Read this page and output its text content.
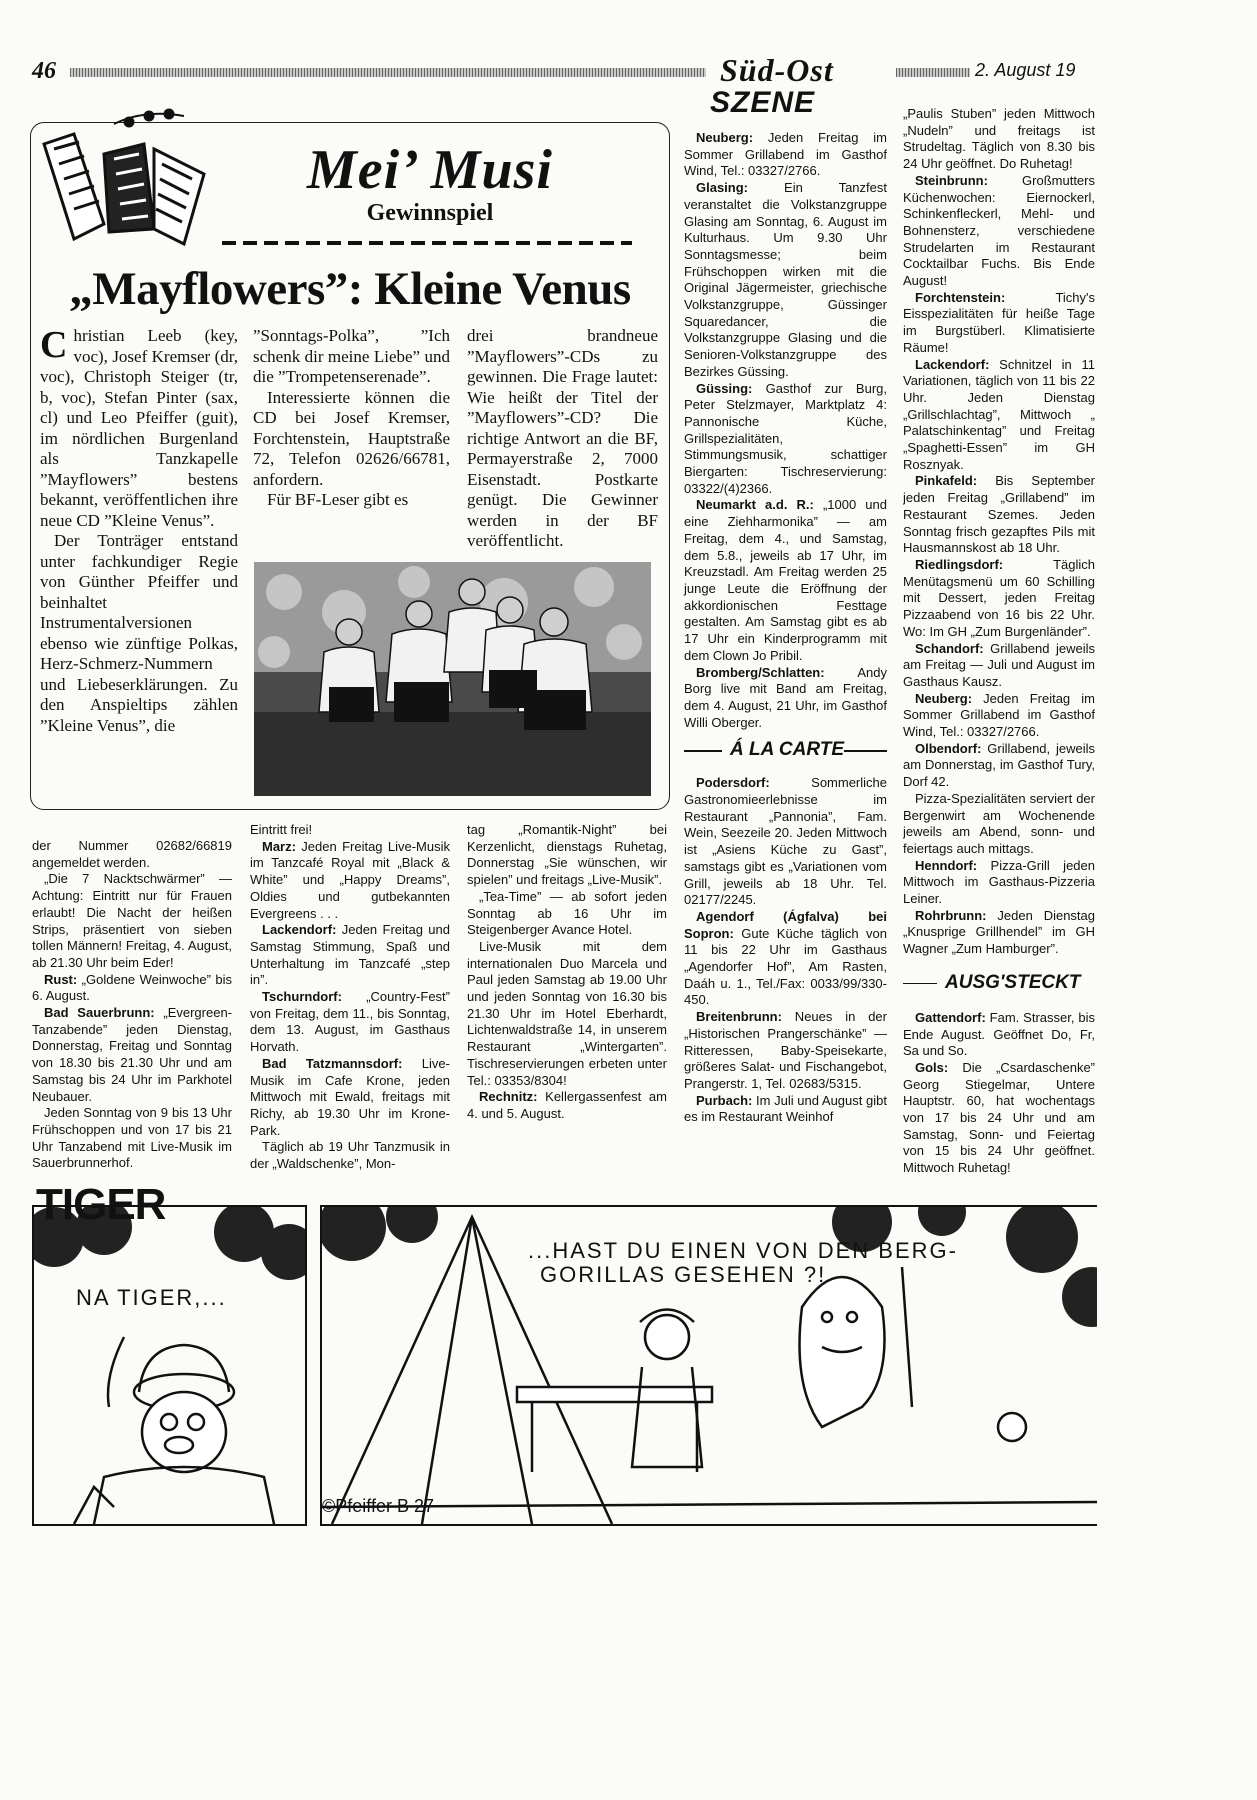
46	2. August 19
Süd-Ost
SZENE
Mei’ Musi
Gewinnspiel
„Mayflowers”: Kleine Venus

Christian Leeb (key, voc), Josef Kremser (dr, voc), Christoph Steiger (tr, b, voc), Stefan Pinter (sax, cl) und Leo Pfeiffer (guit), im nördlichen Burgenland als Tanzkapelle ”Mayflowers” bestens bekannt, veröffentlichen ihre neue CD ”Kleine Venus”.

Der Tonträger entstand unter fachkundiger Regie von Günther Pfeiffer und beinhaltet Instrumentalversionen ebenso wie zünftige Polkas, Herz-Schmerz-Nummern und Liebeserklärungen. Zu den Anspieltips zählen ”Kleine Venus”, die

”Sonntags-Polka”, ”Ich schenk dir meine Liebe” und die ”Trompetenserenade”.

Interessierte können die CD bei Josef Kremser, Forchtenstein, Hauptstraße 72, Telefon 02626/66781, anfordern.

Für BF-Leser gibt es

drei brandneue ”Mayflowers”-CDs zu gewinnen. Die Frage lautet: Wie heißt der Titel der ”Mayflowers”-CD? Die richtige Antwort an die BF, Permayerstraße 2, 7000 Eisenstadt. Postkarte genügt. Die Gewinner werden in der BF veröffentlicht.

der Nummer 02682/66819 angemeldet werden.

„Die 7 Nacktschwärmer” — Achtung: Eintritt nur für Frauen erlaubt! Die Nacht der heißen Strips, präsentiert von sieben tollen Männern! Freitag, 4. August, ab 21.30 Uhr beim Eder!

Rust: „Goldene Weinwoche” bis 6. August.

Bad Sauerbrunn: „Evergreen-Tanzabende” jeden Dienstag, Donnerstag, Freitag und Sonntag von 18.30 bis 21.30 Uhr und am Samstag bis 24 Uhr im Parkhotel Neubauer.

Jeden Sonntag von 9 bis 13 Uhr Frühschoppen und von 17 bis 21 Uhr Tanzabend mit Live-Musik im Sauerbrunnerhof.

Eintritt frei!

Marz: Jeden Freitag Live-Musik im Tanzcafé Royal mit „Black & White” und „Happy Dreams”, Oldies und gutbekannten Evergreens . . .

Lackendorf: Jeden Freitag und Samstag Stimmung, Spaß und Unterhaltung im Tanzcafé „step in”.

Tschurndorf: „Country-Fest” von Freitag, dem 11., bis Sonntag, dem 13. August, im Gasthaus Horvath.

Bad Tatzmannsdorf: Live-Musik im Cafe Krone, jeden Mittwoch mit Ewald, freitags mit Richy, ab 19.30 Uhr im Krone-Park.

Täglich ab 19 Uhr Tanzmusik in der „Waldschenke”, Mon-

tag „Romantik-Night” bei Kerzenlicht, dienstags Ruhetag, Donnerstag „Sie wünschen, wir spielen” und freitags „Live-Musik”.

„Tea-Time” — ab sofort jeden Sonntag ab 16 Uhr im Steigenberger Avance Hotel.

Live-Musik mit dem internationalen Duo Marcela und Paul jeden Samstag ab 19.00 Uhr und jeden Sonntag von 16.30 bis 21.30 Uhr im Hotel Eberhardt, Lichtenwaldstraße 14, in unserem Restaurant „Wintergarten”. Tischreservierungen erbeten unter Tel.: 03353/8304!

Rechnitz: Kellergassenfest am 4. und 5. August.

Neuberg: Jeden Freitag im Sommer Grillabend im Gasthof Wind, Tel.: 03327/2766.

Glasing: Ein Tanzfest veranstaltet die Volkstanzgruppe Glasing am Sonntag, 6. August im Kulturhaus. Um 9.30 Uhr Sonntagsmesse; beim Frühschoppen wirken mit die Original Jägermeister, griechische Volkstanzgruppe, Güssinger Squaredancer, die Volkstanzgruppe Glasing und die Senioren-Volkstanzgruppe des Bezirkes Güssing.

Güssing: Gasthof zur Burg, Peter Stelzmayer, Marktplatz 4: Pannonische Küche, Grillspezialitäten, Stimmungsmusik, schattiger Biergarten: Tischreservierung: 03322/(4)2366.

Neumarkt a.d. R.: „1000 und eine Ziehharmonika” — am Freitag, dem 4., und Samstag, dem 5.8., jeweils ab 17 Uhr, im Kreuzstadl. Am Freitag werden 25 junge Leute die Eröffnung der akkordionischen Festtage gestalten. Am Samstag gibt es ab 17 Uhr ein Kinderprogramm mit dem Clown Jo Pribil.

Bromberg/Schlatten: Andy Borg live mit Band am Freitag, dem 4. August, 21 Uhr, im Gasthof Willi Oberger.

Á LA CARTE

Podersdorf: Sommerliche Gastronomieerlebnisse im Restaurant „Pannonia”, Fam. Wein, Seezeile 20. Jeden Mittwoch ist „Asiens Küche zu Gast”, samstags gibt es „Variationen vom Grill, jeweils ab 18 Uhr. Tel. 02177/2245.

Agendorf (Ágfalva) bei Sopron: Gute Küche täglich von 11 bis 22 Uhr im Gasthaus „Agendorfer Hof”, Am Rasten, Daáh u. 1., Tel./Fax: 0033/99/330-450.

Breitenbrunn: Neues in der „Historischen Prangerschänke” — Ritteressen, Baby-Speisekarte, größeres Salat- und Fischangebot, Prangerstr. 1, Tel. 02683/5315.

Purbach: Im Juli und August gibt es im Restaurant Weinhof

„Paulis Stuben” jeden Mittwoch „Nudeln” und freitags ist Strudeltag. Täglich von 8.30 bis 24 Uhr geöffnet. Do Ruhetag!

Steinbrunn: Großmutters Küchenwochen: Eiernockerl, Schinkenfleckerl, Mehl- und Bohnensterz, verschiedene Strudelarten im Restaurant Cocktailbar Fuchs. Bis Ende August!

Forchtenstein: Tichy's Eisspezialitäten für heiße Tage im Burgstüberl. Klimatisierte Räume!

Lackendorf: Schnitzel in 11 Variationen, täglich von 11 bis 22 Uhr. Jeden Dienstag „Grillschlachtag”, Mittwoch „ Palatschinkentag” und Freitag „Spaghetti-Essen” im GH Rosznyak.

Pinkafeld: Bis September jeden Freitag „Grillabend” im Restaurant Szemes. Jeden Sonntag frisch gezapftes Pils mit Hausmannskost ab 18 Uhr.

Riedlingsdorf: Täglich Menütagsmenü um 60 Schilling mit Dessert, jeden Freitag Pizzaabend von 16 bis 22 Uhr. Wo: Im GH „Zum Burgenländer”.

Schandorf: Grillabend jeweils am Freitag — Juli und August im Gasthaus Kausz.

Neuberg: Jeden Freitag im Sommer Grillabend im Gasthof Wind, Tel.: 03327/2766.

Olbendorf: Grillabend, jeweils am Donnerstag, im Gasthof Tury, Dorf 42.

Pizza-Spezialitäten serviert der Bergenwirt am Wochenende jeweils am Abend, sonn- und feiertags auch mittags.

Henndorf: Pizza-Grill jeden Mittwoch im Gasthaus-Pizzeria Leiner.

Rohrbrunn: Jeden Dienstag „Knusprige Grillhendel” im GH Wagner „Zum Hamburger”.

AUSG'STECKT

Gattendorf: Fam. Strasser, bis Ende August. Geöffnet Do, Fr, Sa und So.

Gols: Die „Csardaschenke” Georg Stiegelmar, Untere Hauptstr. 60, hat wochentags von 17 bis 24 Uhr und am Samstag, Sonn- und Feiertag von 15 bis 24 Uhr geöffnet. Mittwoch Ruhetag!

TIGER
NA TIGER,...
...HAST DU EINEN VON DEN BERG-
GORILLAS GESEHEN ?!
©Pfeiffer B 27
